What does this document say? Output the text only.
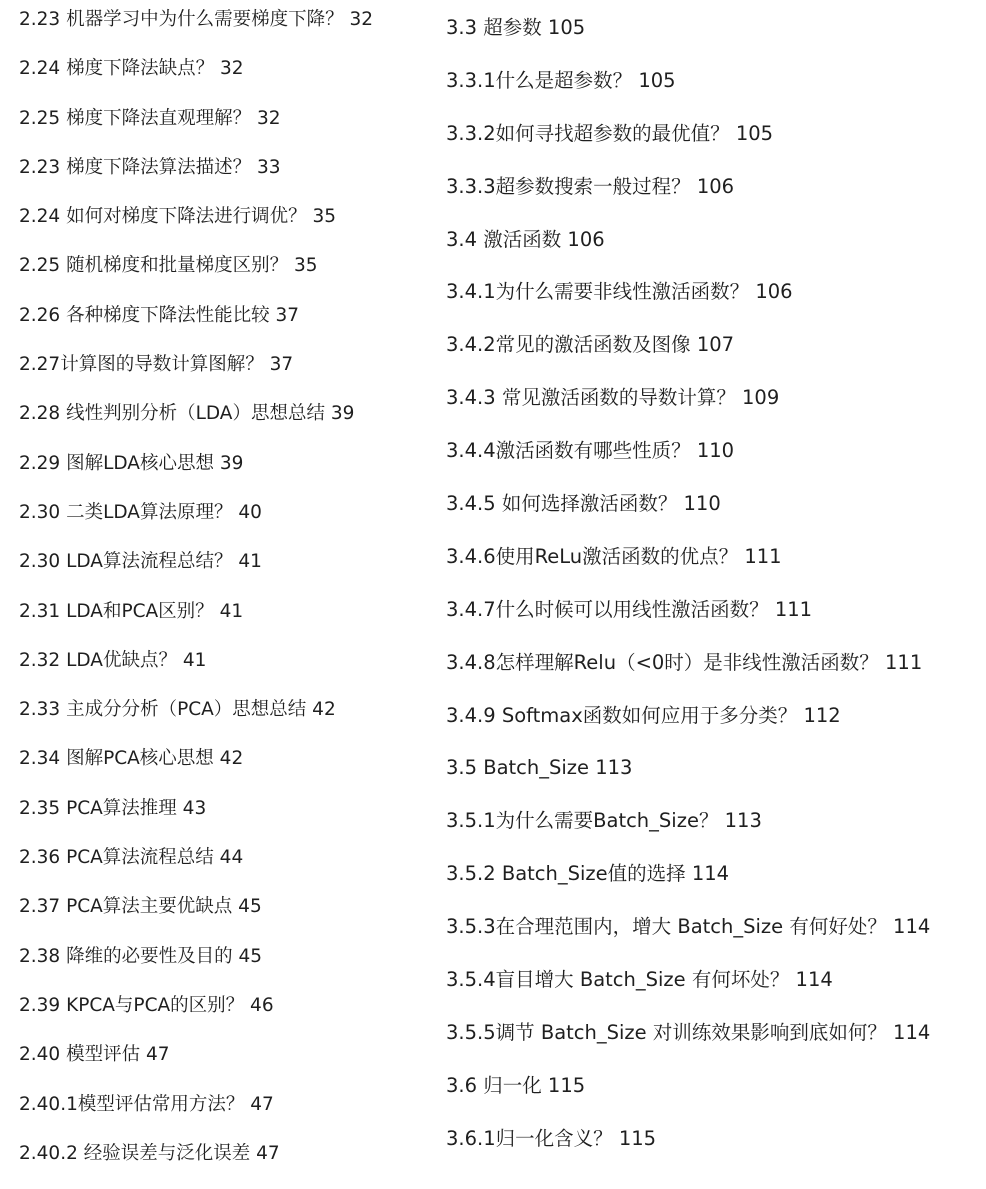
2.23 机器学习中为什么需要梯度下降？ 32
2.24 梯度下降法缺点？ 32
2.25 梯度下降法直观理解？ 32
2.23 梯度下降法算法描述？ 33
2.24 如何对梯度下降法进行调优？ 35
2.25 随机梯度和批量梯度区别？ 35
2.26 各种梯度下降法性能比较 37
2.27计算图的导数计算图解？ 37
2.28 线性判别分析（LDA）思想总结 39
2.29 图解LDA核心思想 39
2.30 二类LDA算法原理？ 40
2.30 LDA算法流程总结？ 41
2.31 LDA和PCA区别？ 41
2.32 LDA优缺点？ 41
2.33 主成分分析（PCA）思想总结 42
2.34 图解PCA核心思想 42
2.35 PCA算法推理 43
2.36 PCA算法流程总结 44
2.37 PCA算法主要优缺点 45
2.38 降维的必要性及目的 45
2.39 KPCA与PCA的区别？ 46
2.40 模型评估 47
2.40.1模型评估常用方法？ 47
2.40.2 经验误差与泛化误差 47
3.3 超参数 105
3.3.1什么是超参数？ 105
3.3.2如何寻找超参数的最优值？ 105
3.3.3超参数搜索一般过程？ 106
3.4 激活函数 106
3.4.1为什么需要非线性激活函数？ 106
3.4.2常见的激活函数及图像 107
3.4.3 常见激活函数的导数计算？ 109
3.4.4激活函数有哪些性质？ 110
3.4.5 如何选择激活函数？ 110
3.4.6使用ReLu激活函数的优点？ 111
3.4.7什么时候可以用线性激活函数？ 111
3.4.8怎样理解Relu（<0时）是非线性激活函数？ 111
3.4.9 Softmax函数如何应用于多分类？ 112
3.5 Batch_Size 113
3.5.1为什么需要Batch_Size？ 113
3.5.2 Batch_Size值的选择 114
3.5.3在合理范围内，增大 Batch_Size 有何好处？ 114
3.5.4盲目增大 Batch_Size 有何坏处？ 114
3.5.5调节 Batch_Size 对训练效果影响到底如何？ 114
3.6 归一化 115
3.6.1归一化含义？ 115
